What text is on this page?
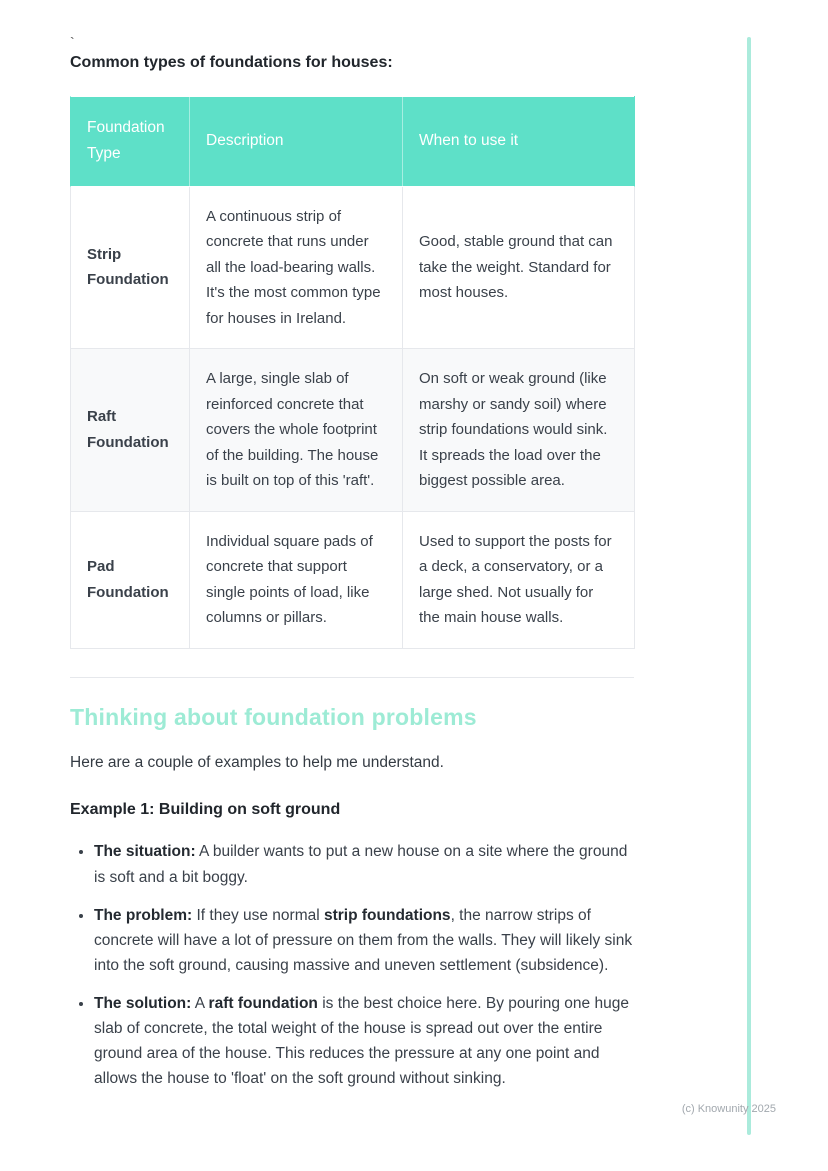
`
Common types of foundations for houses:
Foundation Type	Description	When to use it
Strip Foundation	A continuous strip of concrete that runs under all the load-bearing walls. It's the most common type for houses in Ireland.	Good, stable ground that can take the weight. Standard for most houses.
Raft Foundation	A large, single slab of reinforced concrete that covers the whole footprint of the building. The house is built on top of this 'raft'.	On soft or weak ground (like marshy or sandy soil) where strip foundations would sink. It spreads the load over the biggest possible area.
Pad Foundation	Individual square pads of concrete that support single points of load, like columns or pillars.	Used to support the posts for a deck, a conservatory, or a large shed. Not usually for the main house walls.
Thinking about foundation problems

Here are a couple of examples to help me understand.

Example 1: Building on soft ground
• The situation: A builder wants to put a new house on a site where the ground is soft and a bit boggy.
• The problem: If they use normal strip foundations, the narrow strips of concrete will have a lot of pressure on them from the walls. They will likely sink into the soft ground, causing massive and uneven settlement (subsidence).
• The solution: A raft foundation is the best choice here. By pouring one huge slab of concrete, the total weight of the house is spread out over the entire ground area of the house. This reduces the pressure at any one point and allows the house to 'float' on the soft ground without sinking.
(c) Knowunity 2025
